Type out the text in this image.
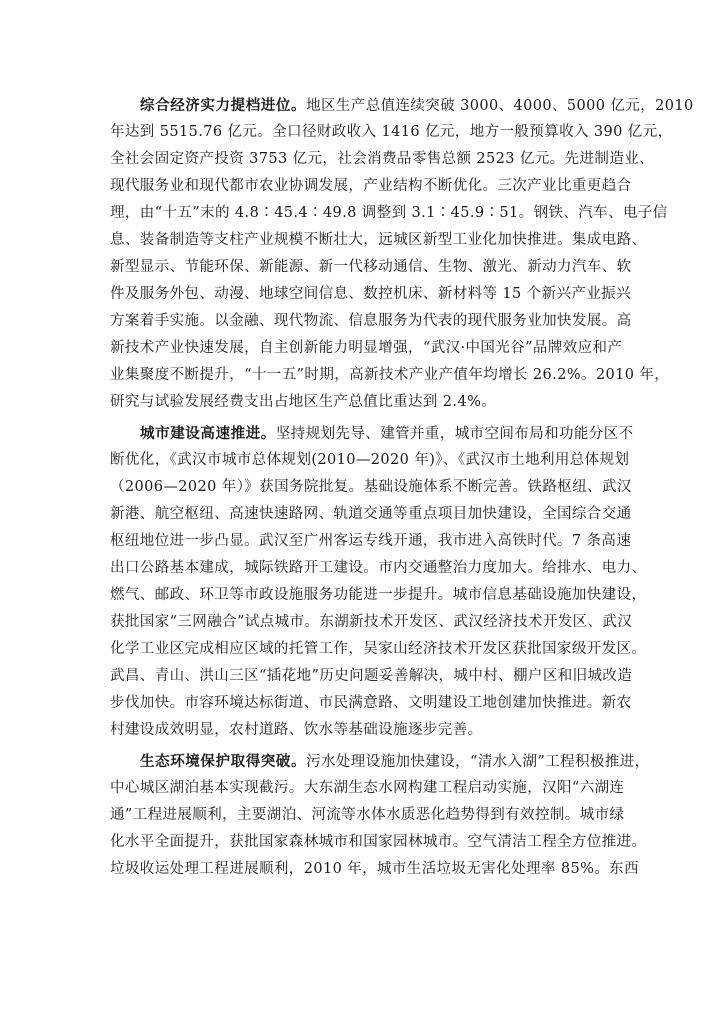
综合经济实力提档进位。地区生产总值连续突破 3000、4000、5000 亿元，2010
年达到 5515.76 亿元。全口径财政收入 1416 亿元，地方一般预算收入 390 亿元，
全社会固定资产投资 3753 亿元，社会消费品零售总额 2523 亿元。先进制造业、
现代服务业和现代都市农业协调发展，产业结构不断优化。三次产业比重更趋合
理，由“十五”末的 4.8∶45.4∶49.8 调整到 3.1∶45.9∶51。钢铁、汽车、电子信
息、装备制造等支柱产业规模不断壮大，远城区新型工业化加快推进。集成电路、
新型显示、节能环保、新能源、新一代移动通信、生物、激光、新动力汽车、软
件及服务外包、动漫、地球空间信息、数控机床、新材料等 15 个新兴产业振兴
方案着手实施。以金融、现代物流、信息服务为代表的现代服务业加快发展。高
新技术产业快速发展，自主创新能力明显增强，“武汉·中国光谷”品牌效应和产
业集聚度不断提升，“十一五”时期，高新技术产业产值年均增长 26.2%。2010 年，
研究与试验发展经费支出占地区生产总值比重达到 2.4%。
城市建设高速推进。坚持规划先导、建管并重，城市空间布局和功能分区不
断优化，《武汉市城市总体规划(2010—2020 年)》、《武汉市土地利用总体规划
（2006—2020 年）》获国务院批复。基础设施体系不断完善。铁路枢纽、武汉
新港、航空枢纽、高速快速路网、轨道交通等重点项目加快建设，全国综合交通
枢纽地位进一步凸显。武汉至广州客运专线开通，我市进入高铁时代。7 条高速
出口公路基本建成，城际铁路开工建设。市内交通整治力度加大。给排水、电力、
燃气、邮政、环卫等市政设施服务功能进一步提升。城市信息基础设施加快建设，
获批国家“三网融合”试点城市。东湖新技术开发区、武汉经济技术开发区、武汉
化学工业区完成相应区域的托管工作，吴家山经济技术开发区获批国家级开发区。
武昌、青山、洪山三区“插花地”历史问题妥善解决，城中村、棚户区和旧城改造
步伐加快。市容环境达标街道、市民满意路、文明建设工地创建加快推进。新农
村建设成效明显，农村道路、饮水等基础设施逐步完善。
生态环境保护取得突破。污水处理设施加快建设，“清水入湖”工程积极推进，
中心城区湖泊基本实现截污。大东湖生态水网构建工程启动实施，汉阳“六湖连
通”工程进展顺利，主要湖泊、河流等水体水质恶化趋势得到有效控制。城市绿
化水平全面提升，获批国家森林城市和国家园林城市。空气清洁工程全方位推进。
垃圾收运处理工程进展顺利，2010 年，城市生活垃圾无害化处理率 85%。东西
